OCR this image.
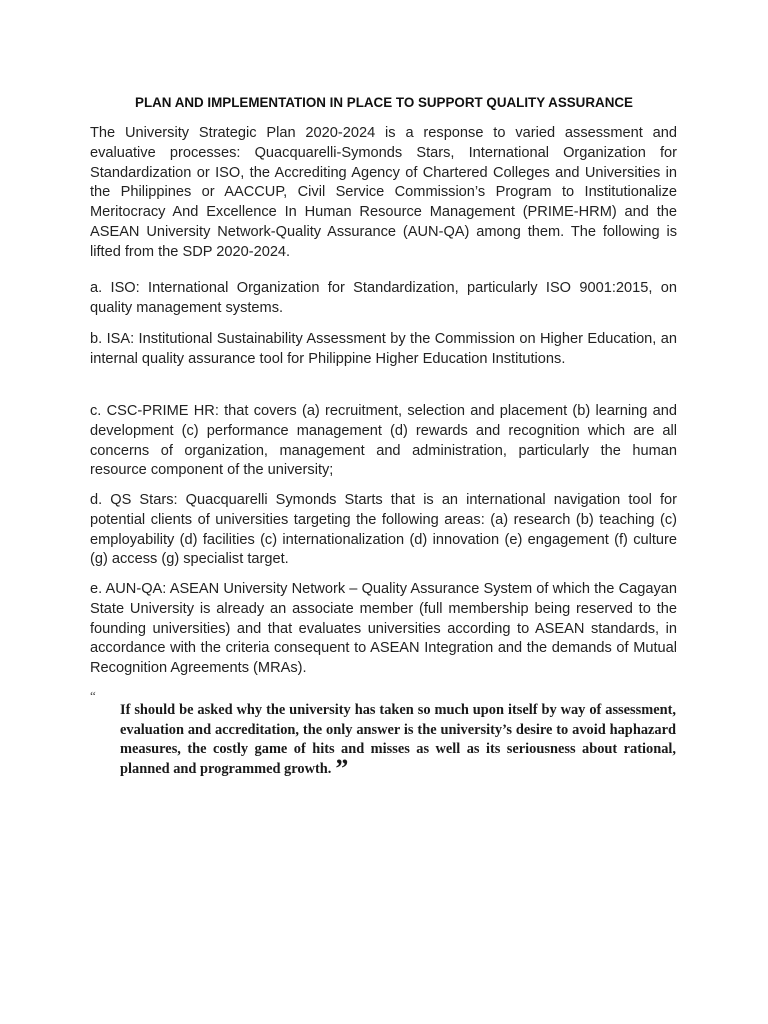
PLAN AND IMPLEMENTATION IN PLACE TO SUPPORT QUALITY ASSURANCE

The University Strategic Plan 2020-2024 is a response to varied assessment and evaluative processes: Quacquarelli-Symonds Stars, International Organization for Standardization or ISO, the Accrediting Agency of Chartered Colleges and Universities in the Philippines or AACCUP, Civil Service Commission’s Program to Institutionalize Meritocracy And Excellence In Human Resource Management (PRIME-HRM) and the ASEAN University Network-Quality Assurance (AUN-QA) among them. The following is lifted from the SDP 2020-2024.

a. ISO: International Organization for Standardization, particularly ISO 9001:2015, on quality management systems.

b. ISA: Institutional Sustainability Assessment by the Commission on Higher Education, an internal quality assurance tool for Philippine Higher Education Institutions.

c. CSC-PRIME HR: that covers (a) recruitment, selection and placement (b) learning and development (c) performance management (d) rewards and recognition which are all concerns of organization, management and administration, particularly the human resource component of the university;

d. QS Stars: Quacquarelli Symonds Starts that is an international navigation tool for potential clients of universities targeting the following areas: (a) research (b) teaching (c) employability (d) facilities (c) internationalization (d) innovation (e) engagement (f) culture (g) access (g) specialist target.

e. AUN-QA: ASEAN University Network – Quality Assurance System of which the Cagayan State University is already an associate member (full membership being reserved to the founding universities) and that evaluates universities according to ASEAN standards, in accordance with the criteria consequent to ASEAN Integration and the demands of Mutual Recognition Agreements (MRAs).

“

If should be asked why the university has taken so much upon itself by way of assessment, evaluation and accreditation, the only answer is the university’s desire to avoid haphazard measures, the costly game of hits and misses as well as its seriousness about rational, planned and programmed growth. ”
